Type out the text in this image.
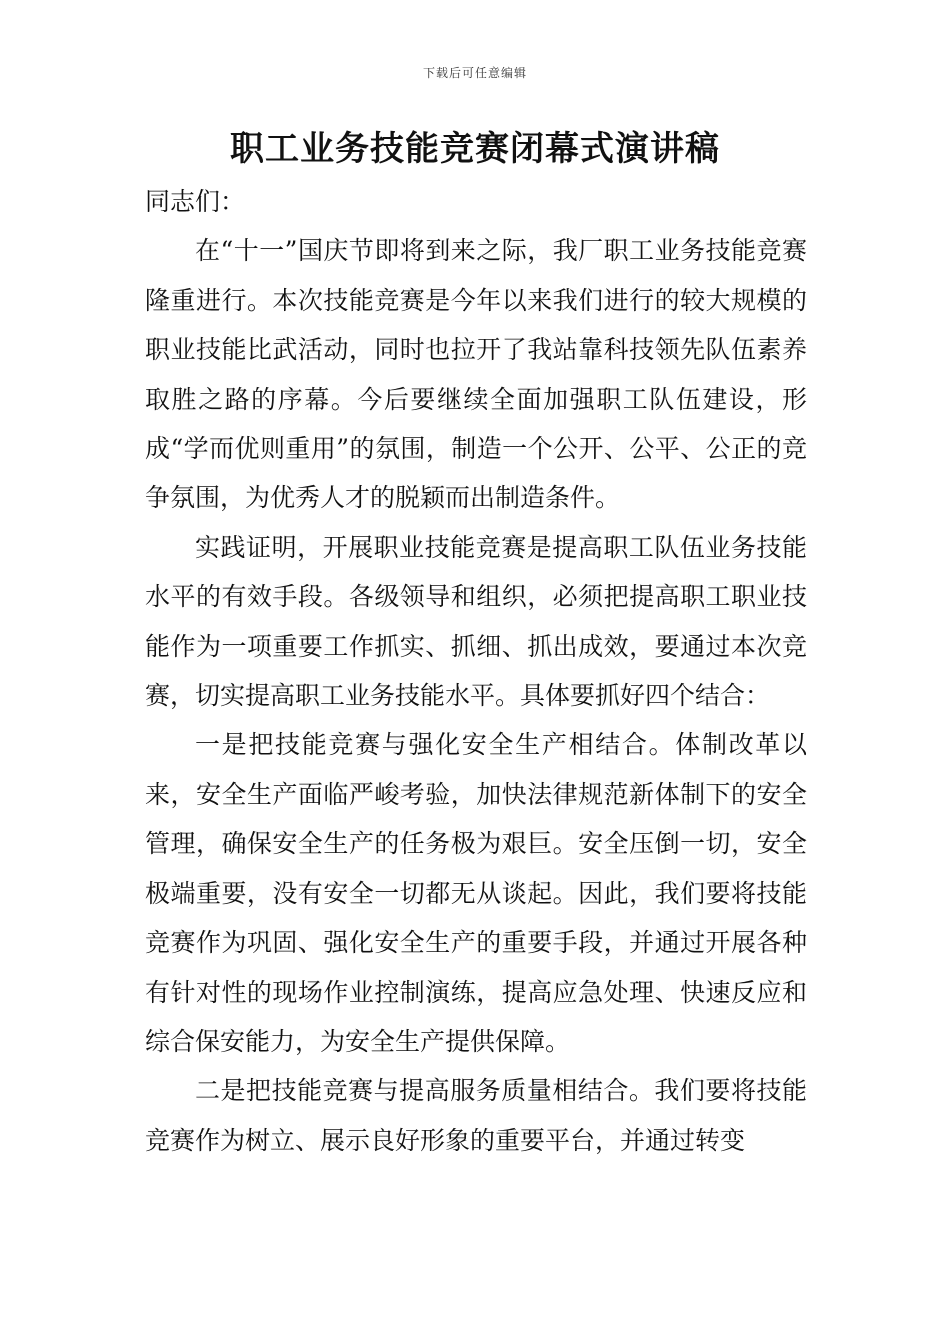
下载后可任意编辑
职工业务技能竞赛闭幕式演讲稿

同志们：

在“十一”国庆节即将到来之际，我厂职工业务技能竞赛隆重进行。本次技能竞赛是今年以来我们进行的较大规模的职业技能比武活动，同时也拉开了我站靠科技领先队伍素养取胜之路的序幕。今后要继续全面加强职工队伍建设，形成“学而优则重用”的氛围，制造一个公开、公平、公正的竞争氛围，为优秀人才的脱颖而出制造条件。

实践证明，开展职业技能竞赛是提高职工队伍业务技能水平的有效手段。各级领导和组织，必须把提高职工职业技能作为一项重要工作抓实、抓细、抓出成效，要通过本次竞赛，切实提高职工业务技能水平。具体要抓好四个结合：

一是把技能竞赛与强化安全生产相结合。体制改革以来，安全生产面临严峻考验，加快法律规范新体制下的安全管理，确保安全生产的任务极为艰巨。安全压倒一切，安全极端重要，没有安全一切都无从谈起。因此，我们要将技能竞赛作为巩固、强化安全生产的重要手段，并通过开展各种有针对性的现场作业控制演练，提高应急处理、快速反应和综合保安能力，为安全生产提供保障。

二是把技能竞赛与提高服务质量相结合。我们要将技能竞赛作为树立、展示良好形象的重要平台，并通过转变
